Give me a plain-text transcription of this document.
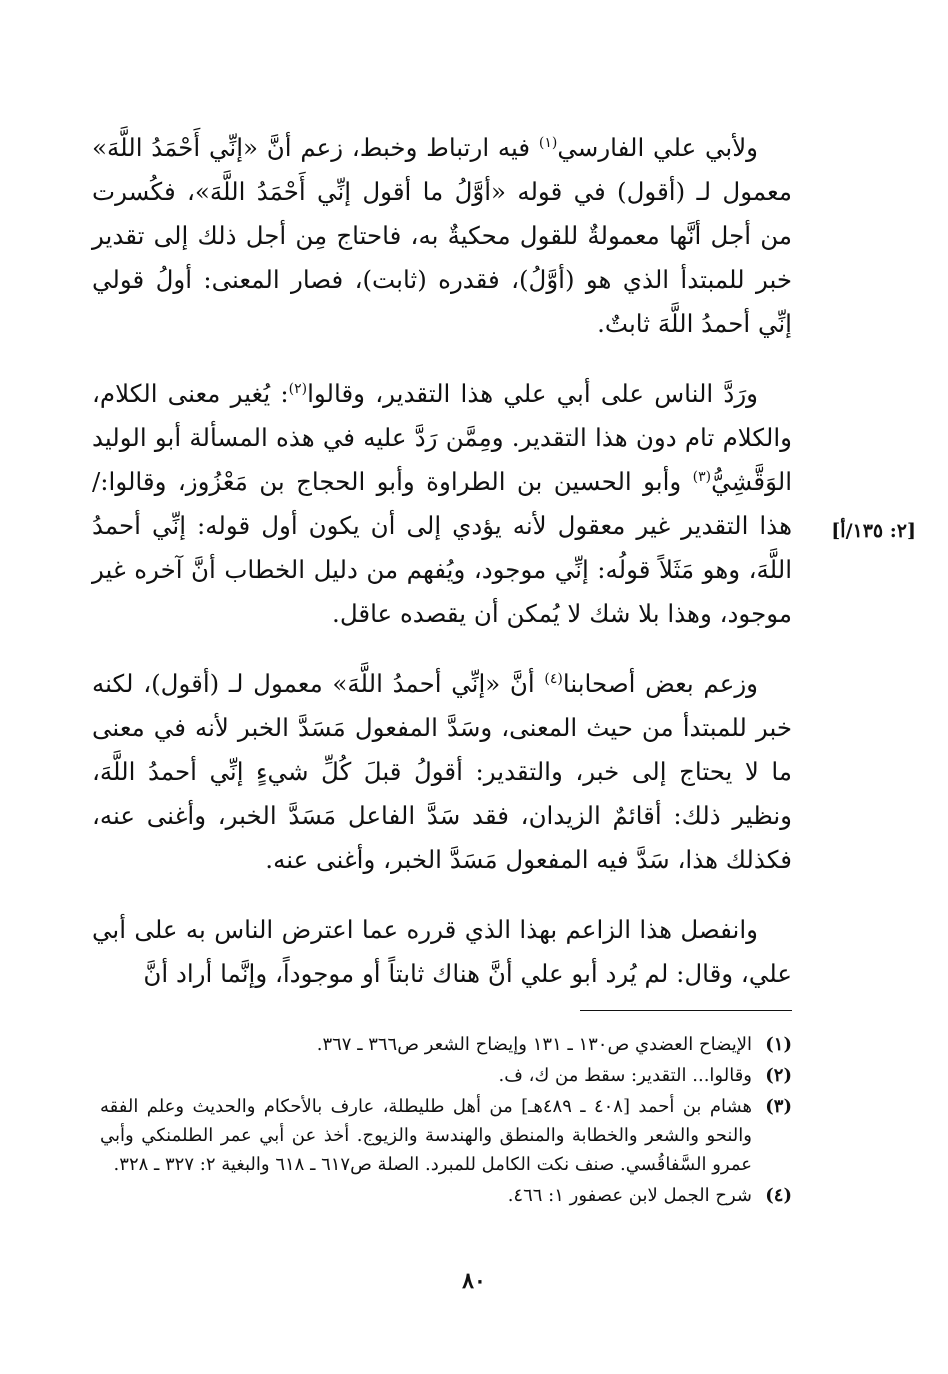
ولأبي علي الفارسي$^{(١)}$ فيه ارتباط وخبط، زعم أنَّ «إنِّي أَحْمَدُ اللَّهَ» معمول لـ (أقول) في قوله «أوَّلُ ما أقول إنِّي أَحْمَدُ اللَّهَ»، فكُسرت من أجل أنَّها معمولةٌ للقول محكيةٌ به، فاحتاج مِن أجل ذلك إلى تقدير خبر للمبتدأ الذي هو (أوَّلُ)، فقدره (ثابت)، فصار المعنى: أولُ قولي إنِّي أحمدُ اللَّهَ ثابتٌ.

ورَدَّ الناس على أبي علي هذا التقدير، وقالوا$^{(٢)}$: يُغير معنى الكلام، والكلام تام دون هذا التقدير. ومِمَّن رَدَّ عليه في هذه المسألة أبو الوليد الوَقَّشِيُّ$^{(٣)}$ وأبو الحسين بن الطراوة وأبو الحجاج بن مَعْزُوز، وقالوا:/ هذا التقدير غير معقول لأنه يؤدي إلى أن يكون أول قوله: إنِّي أحمدُ اللَّهَ، وهو مَثَلاً قولُه: إنِّي موجود، ويُفهم من دليل الخطاب أنَّ آخره غير موجود، وهذا بلا شك لا يُمكن أن يقصده عاقل.

وزعم بعض أصحابنا$^{(٤)}$ أنَّ «إنِّي أحمدُ اللَّهَ» معمول لـ (أقول)، لكنه خبر للمبتدأ من حيث المعنى، وسَدَّ المفعول مَسَدَّ الخبر لأنه في معنى ما لا يحتاج إلى خبر، والتقدير: أقولُ قبلَ كُلِّ شيءٍ إنِّي أحمدُ اللَّهَ، ونظير ذلك: أقائمٌ الزيدان، فقد سَدَّ الفاعل مَسَدَّ الخبر، وأغنى عنه، فكذلك هذا، سَدَّ فيه المفعول مَسَدَّ الخبر، وأغنى عنه.

وانفصل هذا الزاعم بهذا الذي قرره عما اعترض الناس به على أبي علي، وقال: لم يُرد أبو علي أنَّ هناك ثابتاً أو موجوداً، وإنَّما أراد أنَّ

[٢: ١٣٥/أ]
(١)
الإيضاح العضدي ص١٣٠ ـ ١٣١ وإيضاح الشعر ص٣٦٦ ـ ٣٦٧.
(٢)
وقالوا... التقدير: سقط من ك، ف.
(٣)
هشام بن أحمد [٤٠٨ ـ ٤٨٩هـ] من أهل طليطلة، عارف بالأحكام والحديث وعلم الفقه والنحو والشعر والخطابة والمنطق والهندسة والزيوج. أخذ عن أبي عمر الطلمنكي وأبي عمرو السَّفاقُسي. صنف نكت الكامل للمبرد. الصلة ص٦١٧ ـ ٦١٨ والبغية ٢: ٣٢٧ ـ ٣٢٨.
(٤)
شرح الجمل لابن عصفور ١: ٤٦٦.
٨٠
